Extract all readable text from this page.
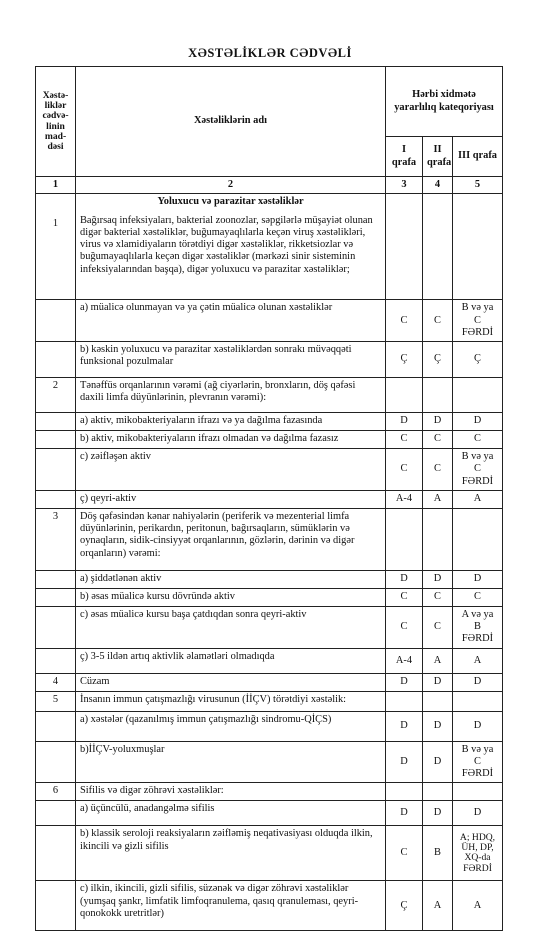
XƏSTƏLİKLƏR CƏDVƏLİ
Xəstə-liklər cədvə-linin mad-dəsi	Xəstəliklərin adı	Hərbi xidmətə yararlılıq kateqoriyası		
		I qrafa	II qrafa	III qrafa
1	2	3	4	5

1	Yoluxucu və parazitar xəstəliklər
Bağırsaq infeksiyaları, bakterial zoonozlar, səpgilərlə müşayiət olunan digər bakterial xəstəliklər, buğumayaqlılarla keçən viruş xəstəlikləri, virus və xlamidiyaların törətdiyi digər xəstəliklər, rikketsiozlar və buğumayaqlılarla keçən digər xəstəliklər (mərkəzi sinir sisteminin infeksiyalarından başqa), digər yoluxucu və parazitar xəstəliklər;			

	a) müalicə olunmayan və ya çətin müalicə olunan xəstəliklər	C	C	B və ya C
FƏRDİ

	b) kəskin yoluxucu və parazitar xəstəliklərdən sonrakı müvəqqəti funksional pozulmalar	Ç	Ç	Ç

2	Tənəffüs orqanlarının vərəmi (ağ ciyərlərin, bronxların, döş qəfəsi daxili limfa düyünlərinin, plevranın vərəmi):			

	a) aktiv, mikobakteriyaların ifrazı və ya dağılma fazasında	D	D	D

	b) aktiv, mikobakteriyaların ifrazı olmadan və dağılma fazasız	C	C	C

	c) zəifləşən aktiv	C	C	B və ya C
FƏRDİ

	ç) qeyri-aktiv	A-4	A	A

3	Döş qəfəsindən kənar nahiyələrin (periferik və mezenterial limfa düyünlərinin, perikardın, peritonun, bağırsaqların, sümüklərin və oynaqların, sidik-cinsiyyət orqanlarının, gözlərin, dərinin və digər orqanların) vərəmi:			

	a) şiddətlənən aktiv	D	D	D

	b) əsas müalicə kursu dövründə aktiv	C	C	C

	c) əsas müalicə kursu başa çatdıqdan sonra qeyri-aktiv	C	C	A və ya B
FƏRDİ

	ç) 3-5 ildən artıq aktivlik əlamətləri olmadıqda	A-4	A	A

4	Cüzam	D	D	D

5	İnsanın immun çatışmazlığı virusunun (İİÇV) törətdiyi xəstəlik:			

	a) xəstələr (qazanılmış immun çatışmazlığı sindromu-QİÇS)	D	D	D

	b)İİÇV-yoluxmuşlar	D	D	B və ya C
FƏRDİ

6	Sifilis və digər zöhrəvi xəstəliklər:			

	a) üçüncülü, anadangəlmə sifilis	D	D	D

	b) klassik seroloji reaksiyaların zəifləmiş neqativasiyası olduqda ilkin, ikincili və gizli sifilis	C	B	A; HDQ, ÜH, DP, XQ-da
FƏRDİ

	c) ilkin, ikincili, gizli sifilis, süzənək və digər zöhrəvi xəstəliklər (yumşaq şankr, limfatik limfoqranulema, qasıq qranuleması, qeyri-qonokokk uretritlər)	Ç	A	A
